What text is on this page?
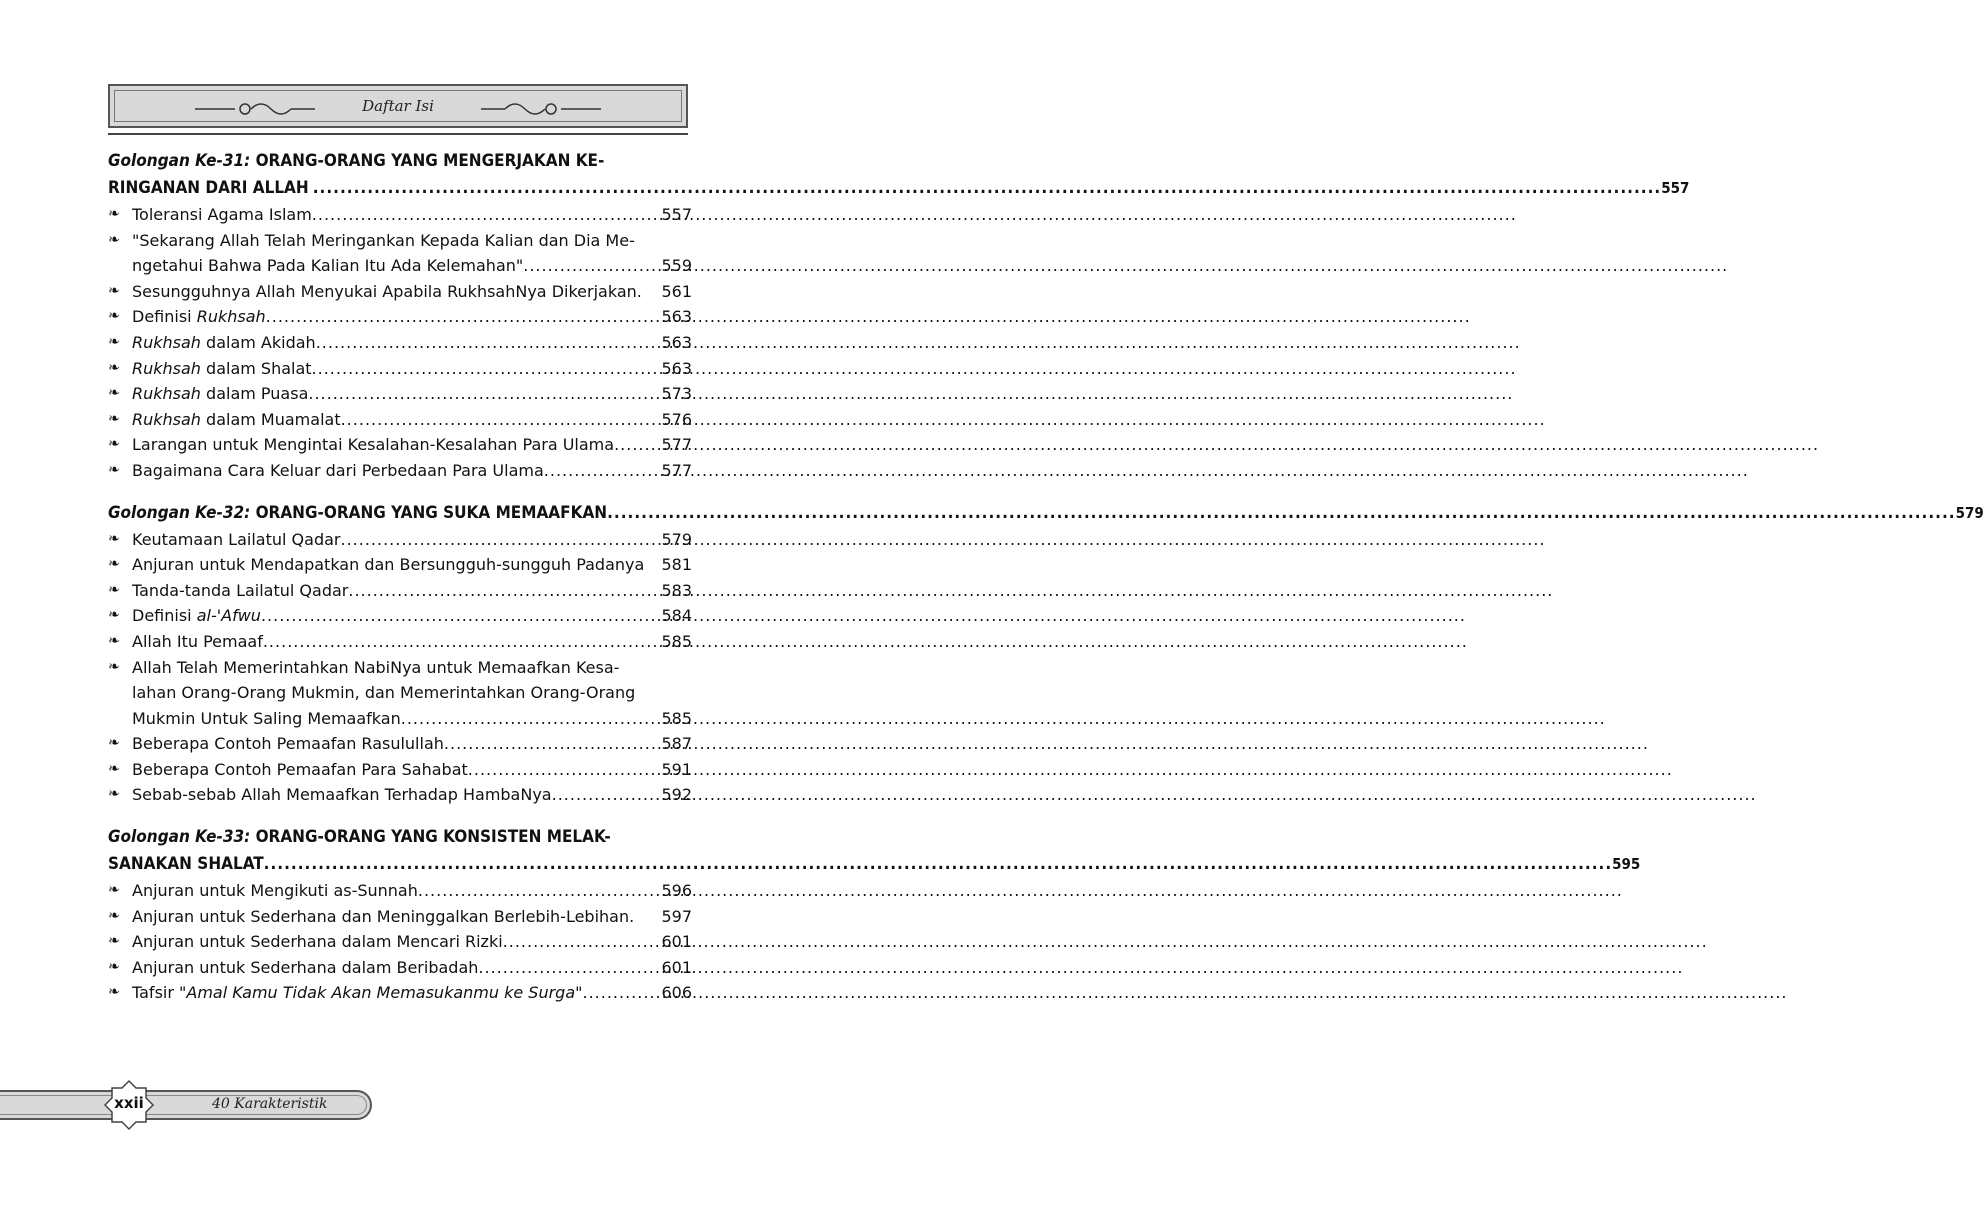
Daftar Isi
Golongan Ke-31: ORANG-ORANG YANG MENGERJAKAN KE-
RINGANAN DARI ALLAH .....	557
❧ Toleransi Agama Islam .....	557
❧ "Sekarang Allah Telah Meringankan Kepada Kalian dan Dia Me-
ngetahui Bahwa Pada Kalian Itu Ada Kelemahan" .....	559
❧ Sesungguhnya Allah Menyukai Apabila RukhsahNya Dikerjakan.	561
❧ Definisi Rukhsah .....	563
❧ Rukhsah dalam Akidah .....	563
❧ Rukhsah dalam Shalat .....	563
❧ Rukhsah dalam Puasa .....	573
❧ Rukhsah dalam Muamalat .....	576
❧ Larangan untuk Mengintai Kesalahan-Kesalahan Para Ulama .....	577
❧ Bagaimana Cara Keluar dari Perbedaan Para Ulama .....	577
Golongan Ke-32: ORANG-ORANG YANG SUKA MEMAAFKAN .....	579
❧ Keutamaan Lailatul Qadar .....	579
❧ Anjuran untuk Mendapatkan dan Bersungguh-sungguh Padanya	581
❧ Tanda-tanda Lailatul Qadar .....	583
❧ Definisi al-'Afwu .....	584
❧ Allah Itu Pemaaf .....	585
❧ Allah Telah Memerintahkan NabiNya untuk Memaafkan Kesa-
lahan Orang-Orang Mukmin, dan Memerintahkan Orang-Orang
Mukmin Untuk Saling Memaafkan .....	585
❧ Beberapa Contoh Pemaafan Rasulullah .....	587
❧ Beberapa Contoh Pemaafan Para Sahabat .....	591
❧ Sebab-sebab Allah Memaafkan Terhadap HambaNya .....	592
Golongan Ke-33: ORANG-ORANG YANG KONSISTEN MELAK-
SANAKAN SHALAT .....	595
❧ Anjuran untuk Mengikuti as-Sunnah .....	596
❧ Anjuran untuk Sederhana dan Meninggalkan Berlebih-Lebihan.	597
❧ Anjuran untuk Sederhana dalam Mencari Rizki .....	601
❧ Anjuran untuk Sederhana dalam Beribadah .....	601
❧ Tafsir "Amal Kamu Tidak Akan Memasukanmu ke Surga" .....	606
xxii	40 Karakteristik
